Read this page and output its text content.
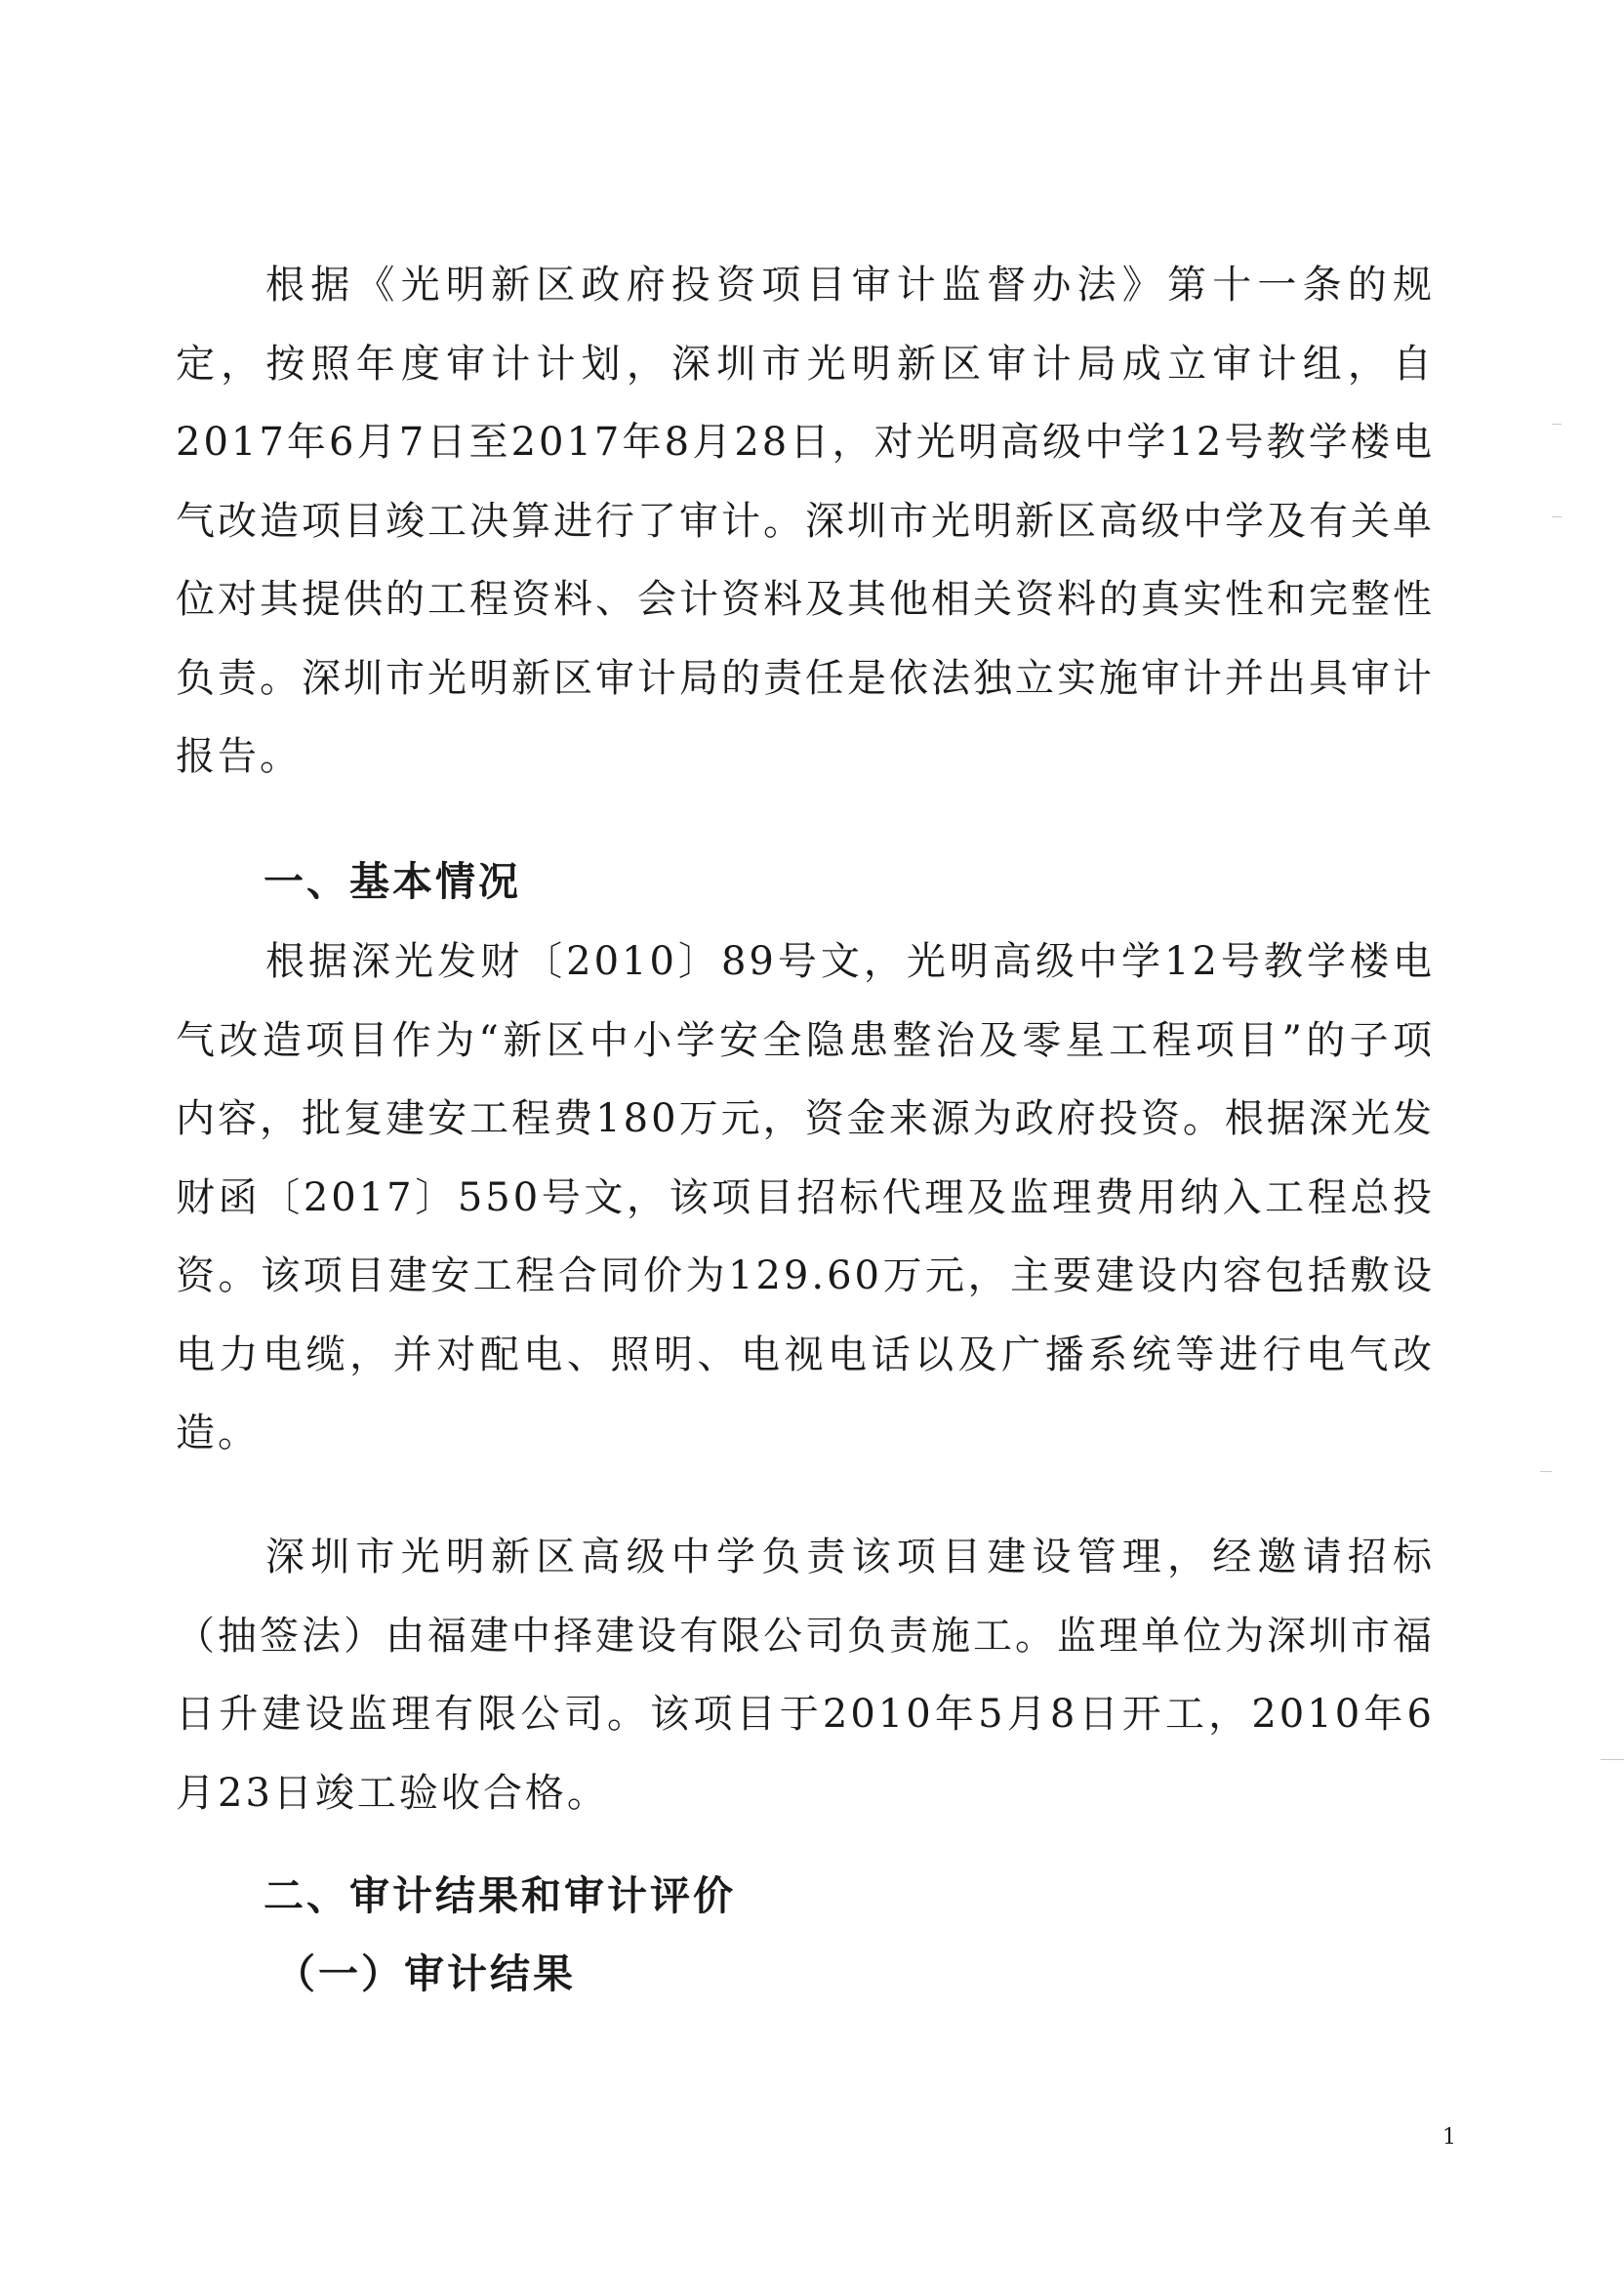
根据《光明新区政府投资项目审计监督办法》第十一条的规定，按照年度审计计划，深圳市光明新区审计局成立审计组，自2017年6月7日至2017年8月28日，对光明高级中学12号教学楼电气改造项目竣工决算进行了审计。深圳市光明新区高级中学及有关单位对其提供的工程资料、会计资料及其他相关资料的真实性和完整性负责。深圳市光明新区审计局的责任是依法独立实施审计并出具审计报告。

一、基本情况

根据深光发财〔2010〕89号文，光明高级中学12号教学楼电气改造项目作为“新区中小学安全隐患整治及零星工程项目”的子项内容，批复建安工程费180万元，资金来源为政府投资。根据深光发财函〔2017〕550号文，该项目招标代理及监理费用纳入工程总投资。该项目建安工程合同价为129.60万元，主要建设内容包括敷设电力电缆，并对配电、照明、电视电话以及广播系统等进行电气改造。

深圳市光明新区高级中学负责该项目建设管理，经邀请招标（抽签法）由福建中择建设有限公司负责施工。监理单位为深圳市福日升建设监理有限公司。该项目于2010年5月8日开工，2010年6月23日竣工验收合格。

二、审计结果和审计评价
（一）审计结果
1
